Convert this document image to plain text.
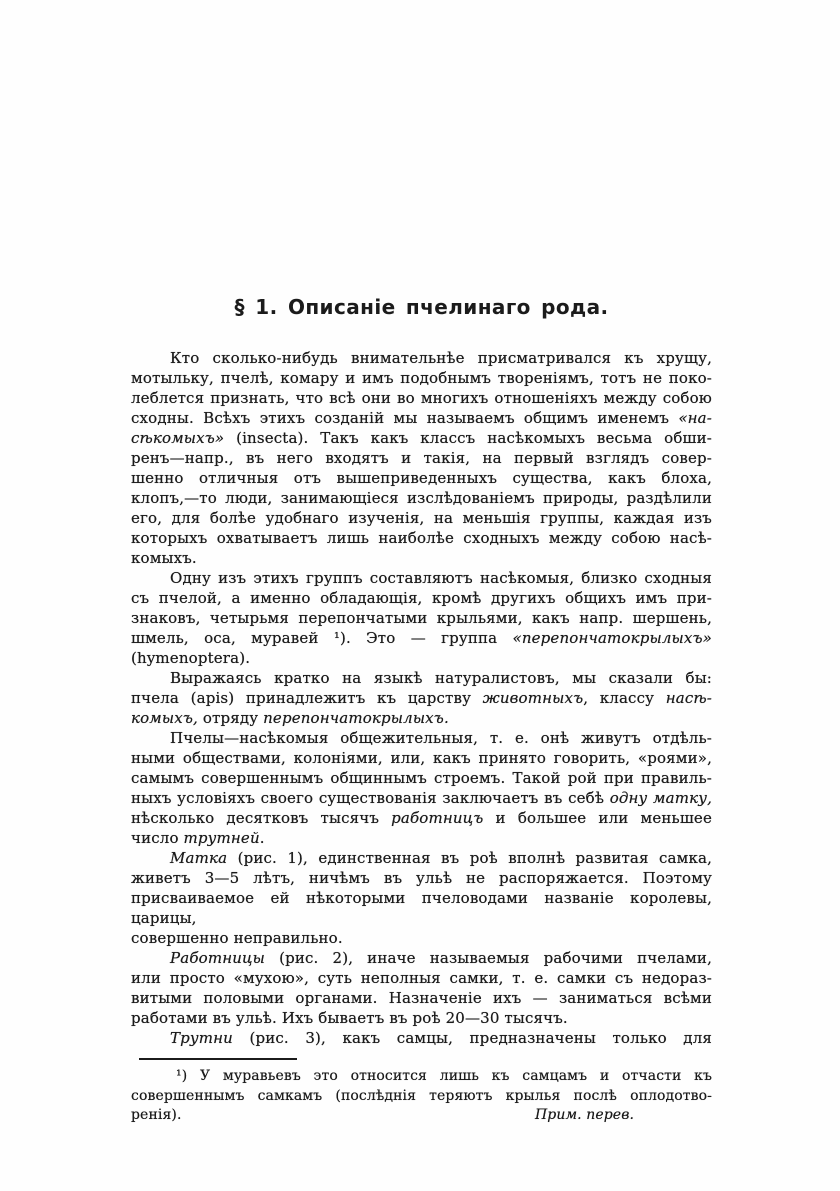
§ 1. Описаніе пчелинаго рода.
Кто сколько-нибудь внимательнѣе присматривался къ хрущу,
мотыльку, пчелѣ, комару и имъ подобнымъ твореніямъ, тотъ не поко-
леблется признать, что всѣ они во многихъ отношеніяхъ между собою
сходны. Всѣхъ этихъ созданій мы называемъ общимъ именемъ «на-
сѣкомыхъ» (insecta). Такъ какъ классъ насѣкомыхъ весьма обши-
ренъ—напр., въ него входятъ и такія, на первый взглядъ совер-
шенно отличныя отъ вышеприведенныхъ существа, какъ блоха,
клопъ,—то люди, занимающіеся изслѣдованіемъ природы, раздѣлили
его, для болѣе удобнаго изученія, на меньшія группы, каждая изъ
которыхъ охватываетъ лишь наиболѣе сходныхъ между собою насѣ-
комыхъ.
Одну изъ этихъ группъ составляютъ насѣкомыя, близко сходныя
съ пчелой, а именно обладающія, кромѣ другихъ общихъ имъ при-
знаковъ, четырьмя перепончатыми крыльями, какъ напр. шершень,
шмель, оса, муравей ¹). Это — группа «перепончатокрылыхъ»
(hymenoptera).
Выражаясь кратко на языкѣ натуралистовъ, мы сказали бы:
пчела (apis) принадлежитъ къ царству животныхъ, классу насѣ-
комыхъ, отряду перепончатокрылыхъ.
Пчелы—насѣкомыя общежительныя, т. е. онѣ живутъ отдѣль-
ными обществами, колоніями, или, какъ принято говорить, «роями»,
самымъ совершеннымъ общиннымъ строемъ. Такой рой при правиль-
ныхъ условіяхъ своего существованія заключаетъ въ себѣ одну матку,
нѣсколько десятковъ тысячъ работницъ и большее или меньшее
число трутней.
Матка (рис. 1), единственная въ роѣ вполнѣ развитая самка,
живетъ 3—5 лѣтъ, ничѣмъ въ ульѣ не распоряжается. Поэтому
присваиваемое ей нѣкоторыми пчеловодами названіе королевы, царицы,
совершенно неправильно.
Работницы (рис. 2), иначе называемыя рабочими пчелами,
или просто «мухою», суть неполныя самки, т. е. самки съ недораз-
витыми половыми органами. Назначеніе ихъ — заниматься всѣми
работами въ ульѣ. Ихъ бываетъ въ роѣ 20—30 тысячъ.
Трутни (рис. 3), какъ самцы, предназначены только для
¹) У муравьевъ это относится лишь къ самцамъ и отчасти къ
совершеннымъ самкамъ (послѣднія теряютъ крылья послѣ оплодотво-
ренія).	Прим. перев.
